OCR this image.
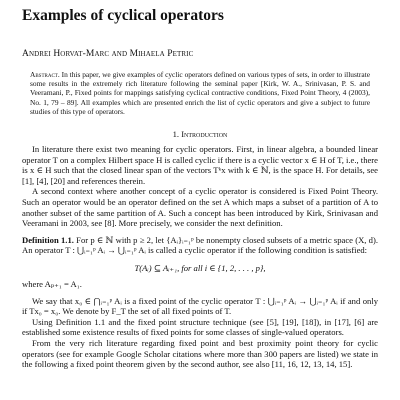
Examples of cyclical operators
Andrei Horvat-Marc and Mihaela Petric
Abstract. In this paper, we give examples of cyclic operators defined on various types of sets, in order to illustrate some results in the extremely rich literature following the seminal paper [Kirk, W. A., Srinivasan, P. S. and Veeramani, P., Fixed points for mappings satisfying cyclical contractive conditions, Fixed Point Theory, 4 (2003), No. 1, 79 – 89]. All examples which are presented enrich the list of cyclic operators and give a subject to future studies of this type of operators.
1. Introduction

In literature there exist two meaning for cyclic operators. First, in linear algebra, a bounded linear operator T on a complex Hilbert space H is called cyclic if there is a cyclic vector x ∈ H of T, i.e., there is x ∈ H such that the closed linear span of the vectors Tᵏx with k ∈ ℕ, is the space H. For details, see [1], [4], [20] and references therein.

A second context where another concept of a cyclic operator is considered is Fixed Point Theory. Such an operator would be an operator defined on the set A which maps a subset of a partition of A to another subset of the same partition of A. Such a concept has been introduced by Kirk, Srinivasan and Veeramani in 2003, see [8]. More precisely, we consider the next definition.

Definition 1.1. For p ∈ ℕ with p ≥ 2, let {Aᵢ}ᵢ₌₁ᵖ be nonempty closed subsets of a metric space (X, d). An operator T : ⋃ᵢ₌₁ᵖ Aᵢ → ⋃ᵢ₌₁ᵖ Aᵢ is called a cyclic operator if the following condition is satisfied:

T(Aᵢ) ⊆ Aᵢ₊₁, for all i ∈ {1, 2, . . . , p},

where Aₚ₊₁ = A₁.

We say that x₀ ∈ ⋂ᵢ₌₁ᵖ Aᵢ is a fixed point of the cyclic operator T : ⋃ᵢ₌₁ᵖ Aᵢ → ⋃ᵢ₌₁ᵖ Aᵢ if and only if Tx₀ = x₀. We denote by F_T the set of all fixed points of T.

Using Definition 1.1 and the fixed point structure technique (see [5], [19], [18]), in [17], [6] are established some existence results of fixed points for some classes of single-valued operators.

From the very rich literature regarding fixed point and best proximity point theory for cyclic operators (see for example Google Scholar citations where more than 300 papers are listed) we state in the following a fixed point theorem given by the second author, see also [11, 16, 12, 13, 14, 15].
